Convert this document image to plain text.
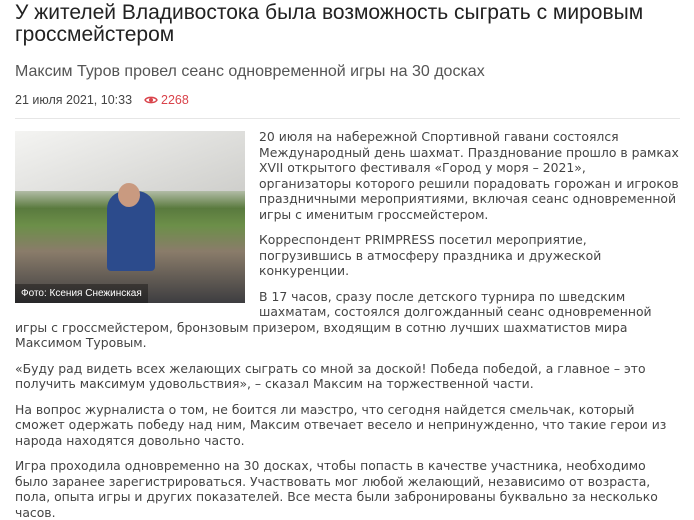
У жителей Владивостока была возможность сыграть с мировым гроссмейстером
Максим Туров провел сеанс одновременной игры на 30 досках
21 июля 2021, 10:33 2268
Фото: Ксения Снежинская

20 июля на набережной Спортивной гавани состоялся Международный день шахмат. Празднование прошло в рамках XVII открытого фестиваля «Город у моря – 2021», организаторы которого решили порадовать горожан и игроков праздничными мероприятиями, включая сеанс одновременной игры с именитым гроссмейстером.

Корреспондент PRIMPRESS посетил мероприятие, погрузившись в атмосферу праздника и дружеской конкуренции.

В 17 часов, сразу после детского турнира по шведским шахматам, состоялся долгожданный сеанс одновременной игры с гроссмейстером, бронзовым призером, входящим в сотню лучших шахматистов мира Максимом Туровым.

«Буду рад видеть всех желающих сыграть со мной за доской! Победа победой, а главное – это получить максимум удовольствия», – сказал Максим на торжественной части.

На вопрос журналиста о том, не боится ли маэстро, что сегодня найдется смельчак, который сможет одержать победу над ним, Максим отвечает весело и непринужденно, что такие герои из народа находятся довольно часто.

Игра проходила одновременно на 30 досках, чтобы попасть в качестве участника, необходимо было заранее зарегистрироваться. Участвовать мог любой желающий, независимо от возраста, пола, опыта игры и других показателей. Все места были забронированы буквально за несколько часов.
